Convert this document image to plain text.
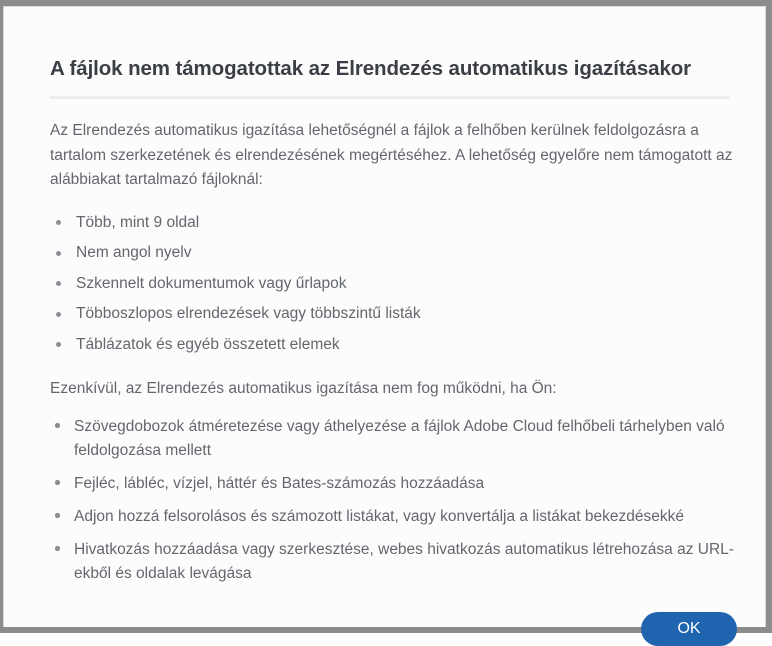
A fájlok nem támogatottak az Elrendezés automatikus igazításakor

Az Elrendezés automatikus igazítása lehetőségnél a fájlok a felhőben kerülnek feldolgozásra a tartalom szerkezetének és elrendezésének megértéséhez. A lehetőség egyelőre nem támogatott az alábbiakat tartalmazó fájloknál:

Több, mint 9 oldal
Nem angol nyelv
Szkennelt dokumentumok vagy űrlapok
Többoszlopos elrendezések vagy többszintű listák
Táblázatok és egyéb összetett elemek

Ezenkívül, az Elrendezés automatikus igazítása nem fog működni, ha Ön:

Szövegdobozok átméretezése vagy áthelyezése a fájlok Adobe Cloud felhőbeli tárhelyben való feldolgozása mellett
Fejléc, lábléc, vízjel, háttér és Bates-számozás hozzáadása
Adjon hozzá felsorolásos és számozott listákat, vagy konvertálja a listákat bekezdésekké
Hivatkozás hozzáadása vagy szerkesztése, webes hivatkozás automatikus létrehozása az URL-ekből és oldalak levágása
OK
